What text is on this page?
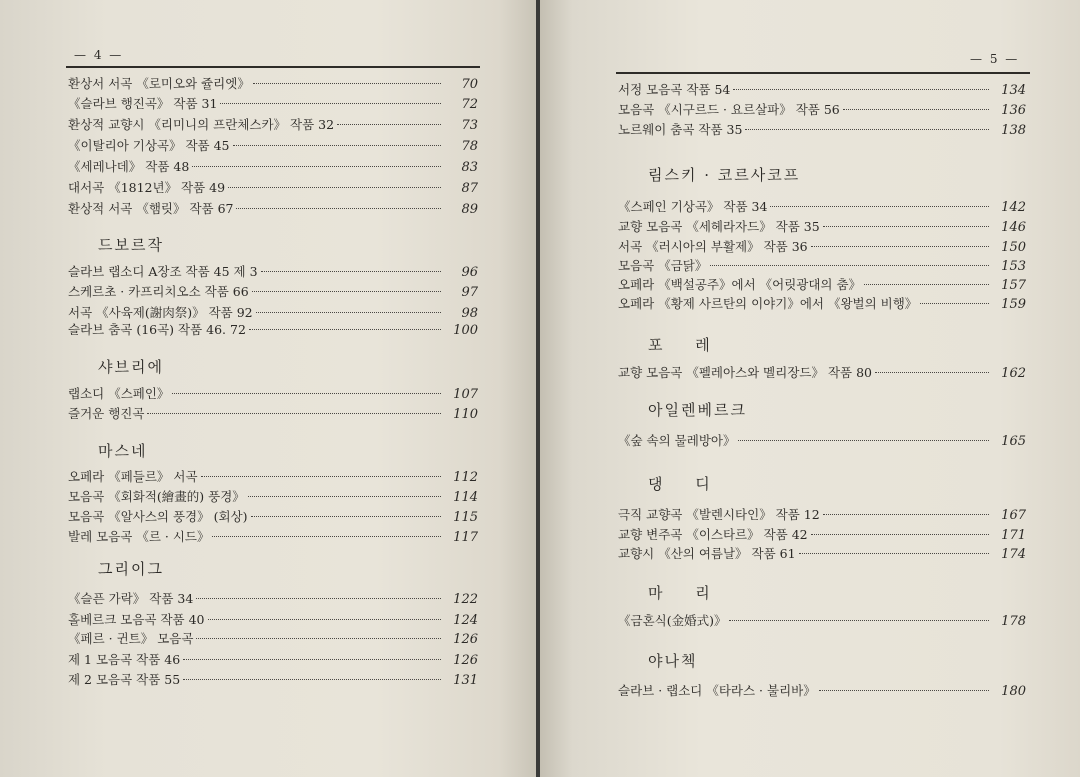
— 4 —
환상서 서곡 《로미오와 쥴리엣》	70
《슬라브 행진곡》 작품 31	72
환상적 교향시 《리미니의 프란체스카》 작품 32	73
《이탈리아 기상곡》 작품 45	78
《세레나데》 작품 48	83
대서곡 《1812년》 작품 49	87
환상적 서곡 《햄릿》 작품 67	89
드보르작
슬라브 랩소디 A장조 작품 45 제 3	96
스케르초 · 카프리치오소 작품 66	97
서곡 《사육제(謝肉祭)》 작품 92	98
슬라브 춤곡 (16곡) 작품 46. 72	100
샤브리에
랩소디 《스페인》	107
즐거운 행진곡	110
마스네
오페라 《페들르》 서곡	112
모음곡 《회화적(繪畫的) 풍경》	114
모음곡 《알사스의 풍경》 (회상)	115
발레 모음곡 《르 · 시드》	117
그리이그
《슬픈 가락》 작품 34	122
홀베르크 모음곡 작품 40	124
《페르 · 귄트》 모음곡	126
제 1 모음곡 작품 46	126
제 2 모음곡 작품 55	131
— 5 —
서정 모음곡 작품 54	134
모음곡 《시구르드 · 요르살파》 작품 56	136
노르웨이 춤곡 작품 35	138
림스키 · 코르사코프
《스페인 기상곡》 작품 34	142
교향 모음곡 《세헤라자드》 작품 35	146
서곡 《러시아의 부활제》 작품 36	150
모음곡 《금닭》	153
오페라 《백설공주》에서 《어릿광대의 춤》	157
오페라 《황제 사르탄의 이야기》에서 《왕벌의 비행》	159
포 레
교향 모음곡 《펠레아스와 멜리장드》 작품 80	162
아일렌베르크
《숲 속의 물레방아》	165
댕 디
극직 교향곡 《발렌시타인》 작품 12	167
교향 변주곡 《이스타르》 작품 42	171
교향시 《산의 여름날》 작품 61	174
마 리
《금혼식(金婚式)》	178
야나첵
슬라브 · 랩소디 《타라스 · 불리바》	180
